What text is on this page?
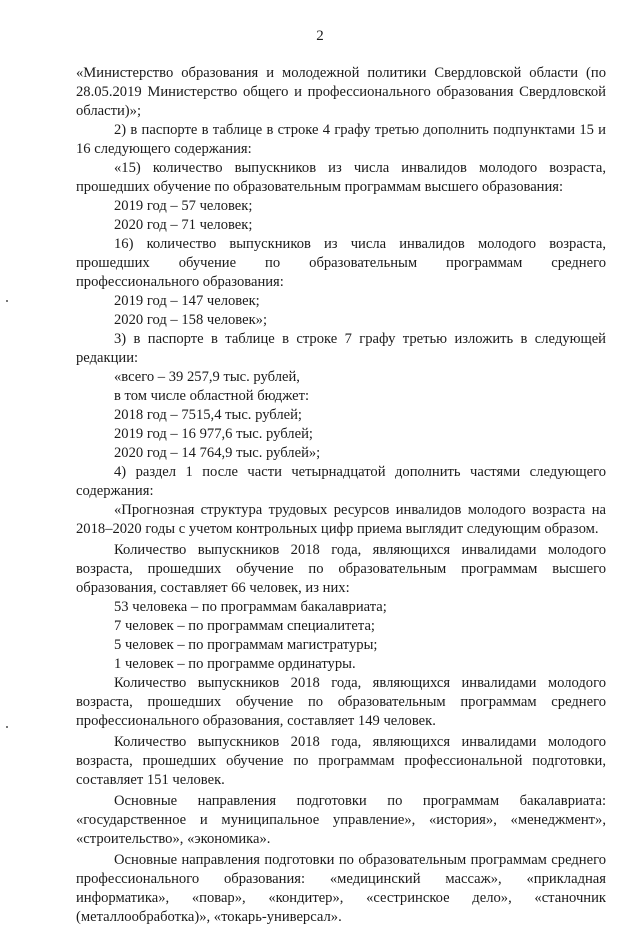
2

«Министерство образования и молодежной политики Свердловской области (по 28.05.2019 Министерство общего и профессионального образования Свердловской области)»;

2) в паспорте в таблице в строке 4 графу третью дополнить подпунктами 15 и 16 следующего содержания:

«15) количество выпускников из числа инвалидов молодого возраста, прошедших обучение по образовательным программам высшего образования:

2019 год – 57 человек;

2020 год – 71 человек;

16) количество выпускников из числа инвалидов молодого возраста, прошедших обучение по образовательным программам среднего профессионального образования:

2019 год – 147 человек;

2020 год – 158 человек»;

3) в паспорте в таблице в строке 7 графу третью изложить в следующей редакции:

«всего – 39 257,9 тыс. рублей,

в том числе областной бюджет:

2018 год – 7515,4 тыс. рублей;

2019 год – 16 977,6 тыс. рублей;

2020 год – 14 764,9 тыс. рублей»;

4) раздел 1 после части четырнадцатой дополнить частями следующего содержания:

«Прогнозная структура трудовых ресурсов инвалидов молодого возраста на 2018–2020 годы с учетом контрольных цифр приема выглядит следующим образом.

Количество выпускников 2018 года, являющихся инвалидами молодого возраста, прошедших обучение по образовательным программам высшего образования, составляет 66 человек, из них:

53 человека – по программам бакалавриата;

7 человек – по программам специалитета;

5 человек – по программам магистратуры;

1 человек – по программе ординатуры.

Количество выпускников 2018 года, являющихся инвалидами молодого возраста, прошедших обучение по образовательным программам среднего профессионального образования, составляет 149 человек.

Количество выпускников 2018 года, являющихся инвалидами молодого возраста, прошедших обучение по программам профессиональной подготовки, составляет 151 человек.

Основные направления подготовки по программам бакалавриата: «государственное и муниципальное управление», «история», «менеджмент», «строительство», «экономика».

Основные направления подготовки по образовательным программам среднего профессионального образования: «медицинский массаж», «прикладная информатика», «повар», «кондитер», «сестринское дело», «станочник (металлообработка)», «токарь-универсал».
